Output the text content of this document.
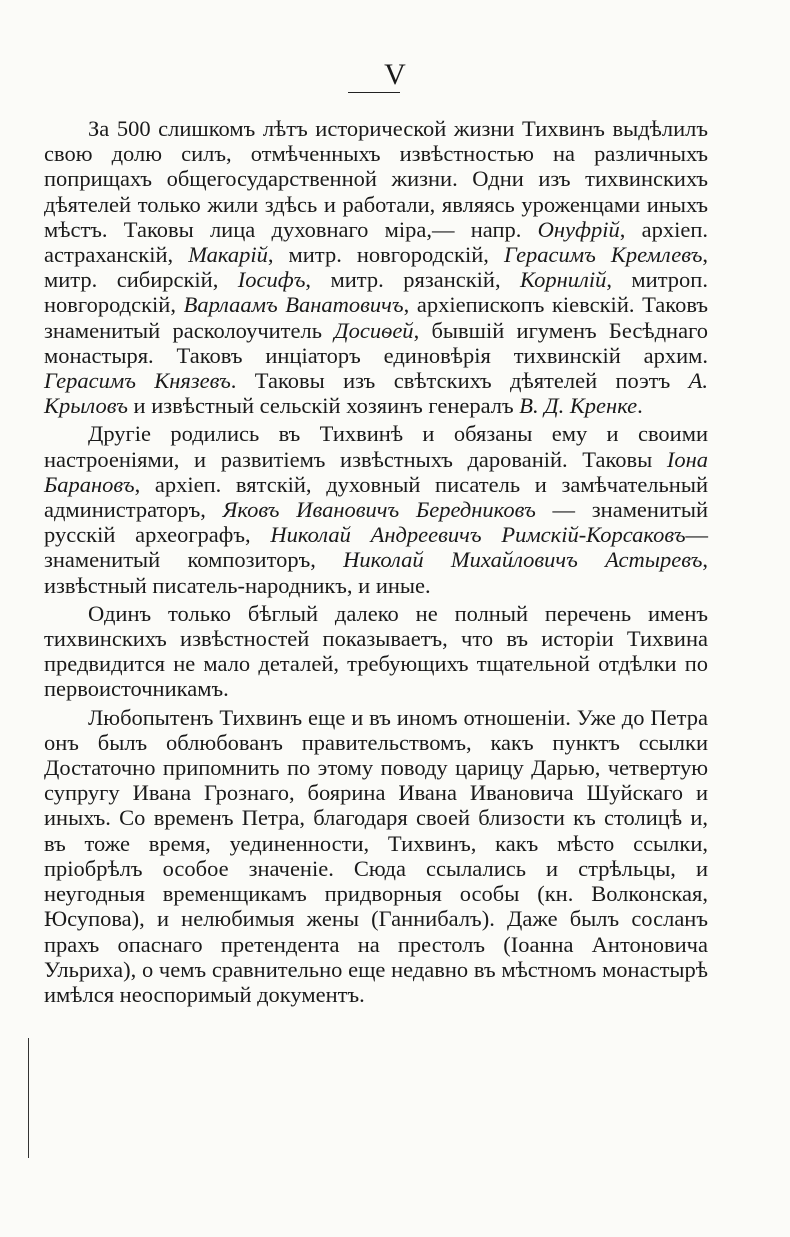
V

За 500 слишкомъ лѣтъ исторической жизни Тихвинъ выдѣлилъ свою долю силъ, отмѣченныхъ извѣстностью на различныхъ поприщахъ общегосударственной жизни. Одни изъ тихвинскихъ дѣятелей только жили здѣсь и работали, являясь уроженцами иныхъ мѣстъ. Таковы лица духовнаго міра,— напр. Онуфрій, архіеп. астраханскій, Макарій, митр. новгородскій, Герасимъ Кремлевъ, митр. сибирскій, Іосифъ, митр. рязанскій, Корнилій, митроп. новгородскій, Варлаамъ Ванатовичъ, архіепископъ кіевскій. Таковъ знаменитый расколоучитель Досиѳей, бывшій игуменъ Бесѣднаго монастыря. Таковъ инціаторъ единовѣрія тихвинскій архим. Герасимъ Князевъ. Таковы изъ свѣтскихъ дѣятелей поэтъ А. Крыловъ и извѣстный сельскій хозяинъ генералъ В. Д. Кренке.

Другіе родились въ Тихвинѣ и обязаны ему и своими настроеніями, и развитіемъ извѣстныхъ дарованій. Таковы Іона Барановъ, архіеп. вятскій, духовный писатель и замѣчательный администраторъ, Яковъ Ивановичъ Бередниковъ — знаменитый русскій археографъ, Николай Андреевичъ Римскій-Корсаковъ—знаменитый композиторъ, Николай Михайловичъ Астыревъ, извѣстный писатель-народникъ, и иные.

Одинъ только бѣглый далеко не полный перечень именъ тихвинскихъ извѣстностей показываетъ, что въ исторіи Тихвина предвидится не мало деталей, требующихъ тщательной отдѣлки по первоисточникамъ.

Любопытенъ Тихвинъ еще и въ иномъ отношеніи. Уже до Петра онъ былъ облюбованъ правительствомъ, какъ пунктъ ссылки Достаточно припомнить по этому поводу царицу Дарью, четвертую супругу Ивана Грознаго, боярина Ивана Ивановича Шуйскаго и иныхъ. Со временъ Петра, благодаря своей близости къ столицѣ и, въ тоже время, уединенности, Тихвинъ, какъ мѣсто ссылки, пріобрѣлъ особое значеніе. Сюда ссылались и стрѣльцы, и неугодныя временщикамъ придворныя особы (кн. Волконская, Юсупова), и нелюбимыя жены (Ганнибалъ). Даже былъ сосланъ прахъ опаснаго претендента на престолъ (Іоанна Антоновича Ульриха), о чемъ сравнительно еще недавно въ мѣстномъ монастырѣ имѣлся неоспоримый документъ.
